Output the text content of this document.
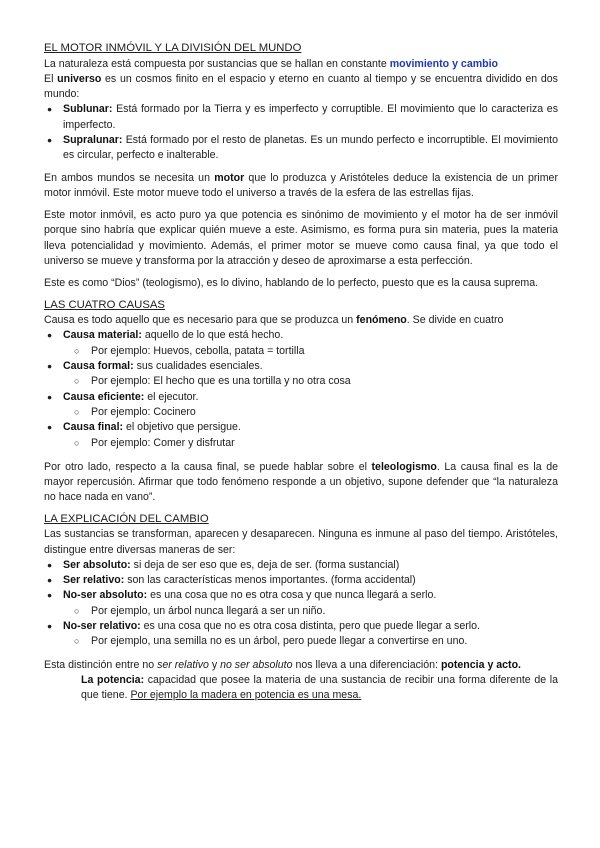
EL MOTOR INMÓVIL Y LA DIVISIÓN DEL MUNDO

La naturaleza está compuesta por sustancias que se hallan en constante movimiento y cambio

El universo es un cosmos finito en el espacio y eterno en cuanto al tiempo y se encuentra dividido en dos mundo:

● Sublunar: Está formado por la Tierra y es imperfecto y corruptible. El movimiento que lo caracteriza es imperfecto.
● Supralunar: Está formado por el resto de planetas. Es un mundo perfecto e incorruptible. El movimiento es circular, perfecto e inalterable.

En ambos mundos se necesita un motor que lo produzca y Aristóteles deduce la existencia de un primer motor inmóvil. Este motor mueve todo el universo a través de la esfera de las estrellas fijas.

Este motor inmóvil, es acto puro ya que potencia es sinónimo de movimiento y el motor ha de ser inmóvil porque sino habría que explicar quién mueve a este. Asimismo, es forma pura sin materia, pues la materia lleva potencialidad y movimiento. Además, el primer motor se mueve como causa final, ya que todo el universo se mueve y transforma por la atracción y deseo de aproximarse a esta perfección.

Este es como “Dios” (teologismo), es lo divino, hablando de lo perfecto, puesto que es la causa suprema.

LAS CUATRO CAUSAS

Causa es todo aquello que es necesario para que se produzca un fenómeno. Se divide en cuatro

● Causa material: aquello de lo que está hecho.
○ Por ejemplo: Huevos, cebolla, patata = tortilla
● Causa formal: sus cualidades esenciales.
○ Por ejemplo: El hecho que es una tortilla y no otra cosa
● Causa eficiente: el ejecutor.
○ Por ejemplo: Cocinero
● Causa final: el objetivo que persigue.
○ Por ejemplo: Comer y disfrutar

Por otro lado, respecto a la causa final, se puede hablar sobre el teleologismo. La causa final es la de mayor repercusión. Afirmar que todo fenómeno responde a un objetivo, supone defender que “la naturaleza no hace nada en vano”.

LA EXPLICACIÓN DEL CAMBIO

Las sustancias se transforman, aparecen y desaparecen. Ninguna es inmune al paso del tiempo. Aristóteles, distingue entre diversas maneras de ser:

● Ser absoluto: si deja de ser eso que es, deja de ser. (forma sustancial)
● Ser relativo: son las características menos importantes. (forma accidental)
● No-ser absoluto: es una cosa que no es otra cosa y que nunca llegará a serlo.
○ Por ejemplo, un árbol nunca llegará a ser un niño.
● No-ser relativo: es una cosa que no es otra cosa distinta, pero que puede llegar a serlo.
○ Por ejemplo, una semilla no es un árbol, pero puede llegar a convertirse en uno.

Esta distinción entre no ser relativo y no ser absoluto nos lleva a una diferenciación: potencia y acto.

La potencia: capacidad que posee la materia de una sustancia de recibir una forma diferente de la que tiene. Por ejemplo la madera en potencia es una mesa.
